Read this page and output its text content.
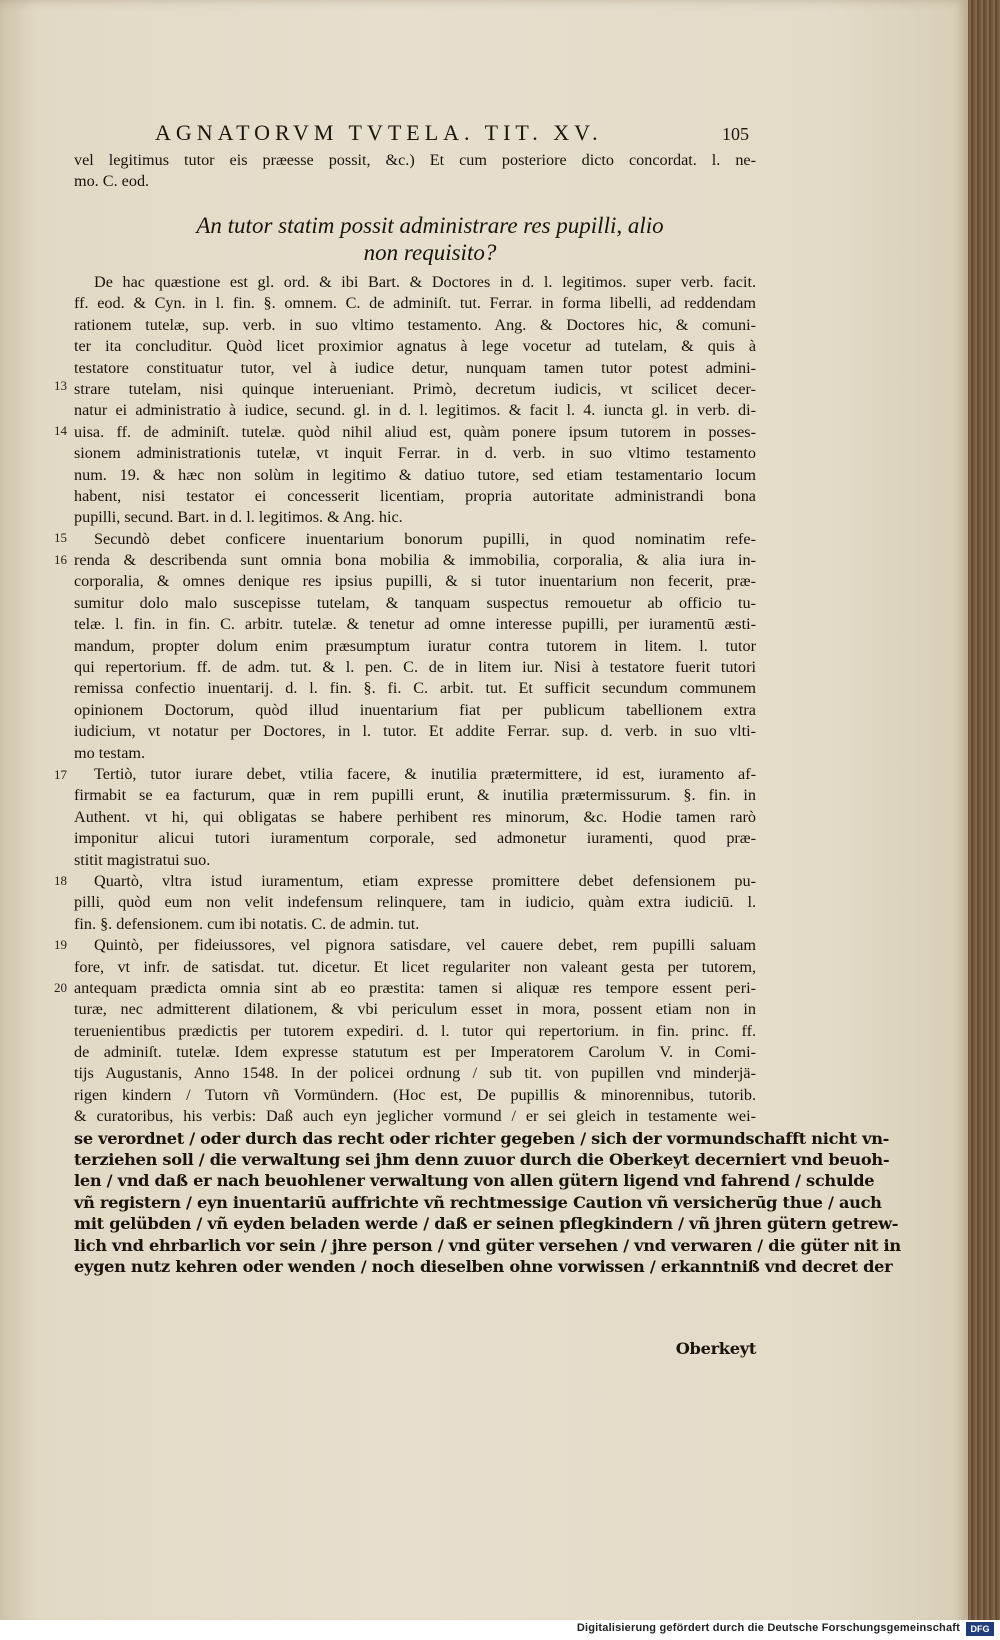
AGNATORVM TVTELA. TIT. XV.	105
vel legitimus tutor eis præesse possit, &c.) Et cum posteriore dicto concordat. l. ne-
mo. C. eod.
An tutor statim possit administrare res pupilli, alio
non requisito?
De hac quæstione est gl. ord. & ibi Bart. & Doctores in d. l. legitimos. super verb. facit.
ff. eod. & Cyn. in l. fin. §. omnem. C. de adminiſt. tut. Ferrar. in forma libelli, ad reddendam
rationem tutelæ, sup. verb. in suo vltimo testamento. Ang. & Doctores hic, & comuni-
ter ita concluditur. Quòd licet proximior agnatus à lege vocetur ad tutelam, & quis à
testatore constituatur tutor, vel à iudice detur, nunquam tamen tutor potest admini-
strare tutelam, nisi quinque interueniant. Primò, decretum iudicis, vt scilicet decer-
natur ei administratio à iudice, secund. gl. in d. l. legitimos. & facit l. 4. iuncta gl. in verb. di-
uisa. ff. de adminiſt. tutelæ. quòd nihil aliud est, quàm ponere ipsum tutorem in posses-
sionem administrationis tutelæ, vt inquit Ferrar. in d. verb. in suo vltimo testamento
num. 19. & hæc non solùm in legitimo & datiuo tutore, sed etiam testamentario locum
habent, nisi testator ei concesserit licentiam, propria autoritate administrandi bona
pupilli, secund. Bart. in d. l. legitimos. & Ang. hic.
Secundò debet conficere inuentarium bonorum pupilli, in quod nominatim refe-
renda & describenda sunt omnia bona mobilia & immobilia, corporalia, & alia iura in-
corporalia, & omnes denique res ipsius pupilli, & si tutor inuentarium non fecerit, præ-
sumitur dolo malo suscepisse tutelam, & tanquam suspectus remouetur ab officio tu-
telæ. l. fin. in fin. C. arbitr. tutelæ. & tenetur ad omne interesse pupilli, per iuramentū æsti-
mandum, propter dolum enim præsumptum iuratur contra tutorem in litem. l. tutor
qui repertorium. ff. de adm. tut. & l. pen. C. de in litem iur. Nisi à testatore fuerit tutori
remissa confectio inuentarij. d. l. fin. §. fi. C. arbit. tut. Et sufficit secundum communem
opinionem Doctorum, quòd illud inuentarium fiat per publicum tabellionem extra
iudicium, vt notatur per Doctores, in l. tutor. Et addite Ferrar. sup. d. verb. in suo vlti-
mo testam.
Tertiò, tutor iurare debet, vtilia facere, & inutilia prætermittere, id est, iuramento af-
firmabit se ea facturum, quæ in rem pupilli erunt, & inutilia prætermissurum. §. fin. in
Authent. vt hi, qui obligatas se habere perhibent res minorum, &c. Hodie tamen rarò
imponitur alicui tutori iuramentum corporale, sed admonetur iuramenti, quod præ-
stitit magistratui suo.
Quartò, vltra istud iuramentum, etiam expresse promittere debet defensionem pu-
pilli, quòd eum non velit indefensum relinquere, tam in iudicio, quàm extra iudiciū. l.
fin. §. defensionem. cum ibi notatis. C. de admin. tut.
Quintò, per fideiussores, vel pignora satisdare, vel cauere debet, rem pupilli saluam
fore, vt infr. de satisdat. tut. dicetur. Et licet regulariter non valeant gesta per tutorem,
antequam prædicta omnia sint ab eo præstita: tamen si aliquæ res tempore essent peri-
turæ, nec admitterent dilationem, & vbi periculum esset in mora, possent etiam non in
teruenientibus prædictis per tutorem expediri. d. l. tutor qui repertorium. in fin. princ. ff.
de adminiſt. tutelæ. Idem expresse statutum est per Imperatorem Carolum V. in Comi-
tijs Augustanis, Anno 1548. In der policei ordnung / sub tit. von pupillen vnd minderjä-
rigen kindern / Tutorn vñ Vormündern. (Hoc est, De pupillis & minorennibus, tutorib.
& curatoribus, his verbis: Daß auch eyn jeglicher vormund / er sei gleich in testamente wei-
se verordnet / oder durch das recht oder richter gegeben / sich der vormundschafft nicht vn-
terziehen soll / die verwaltung sei jhm denn zuuor durch die Oberkeyt decerniert vnd beuoh-
len / vnd daß er nach beuohlener verwaltung von allen gütern ligend vnd fahrend / schulde
vñ registern / eyn inuentariū auffrichte vñ rechtmessige Caution vñ versicherūg thue / auch
mit gelübden / vñ eyden beladen werde / daß er seinen pflegkindern / vñ jhren gütern getrew-
lich vnd ehrbarlich vor sein / jhre person / vnd güter versehen / vnd verwaren / die güter nit in
eygen nutz kehren oder wenden / noch dieselben ohne vorwissen / erkanntniß vnd decret der
13
14
15
16
17
18
19
20
Oberkeyt
Digitalisierung gefördert durch die Deutsche Forschungsgemeinschaft	DFG
